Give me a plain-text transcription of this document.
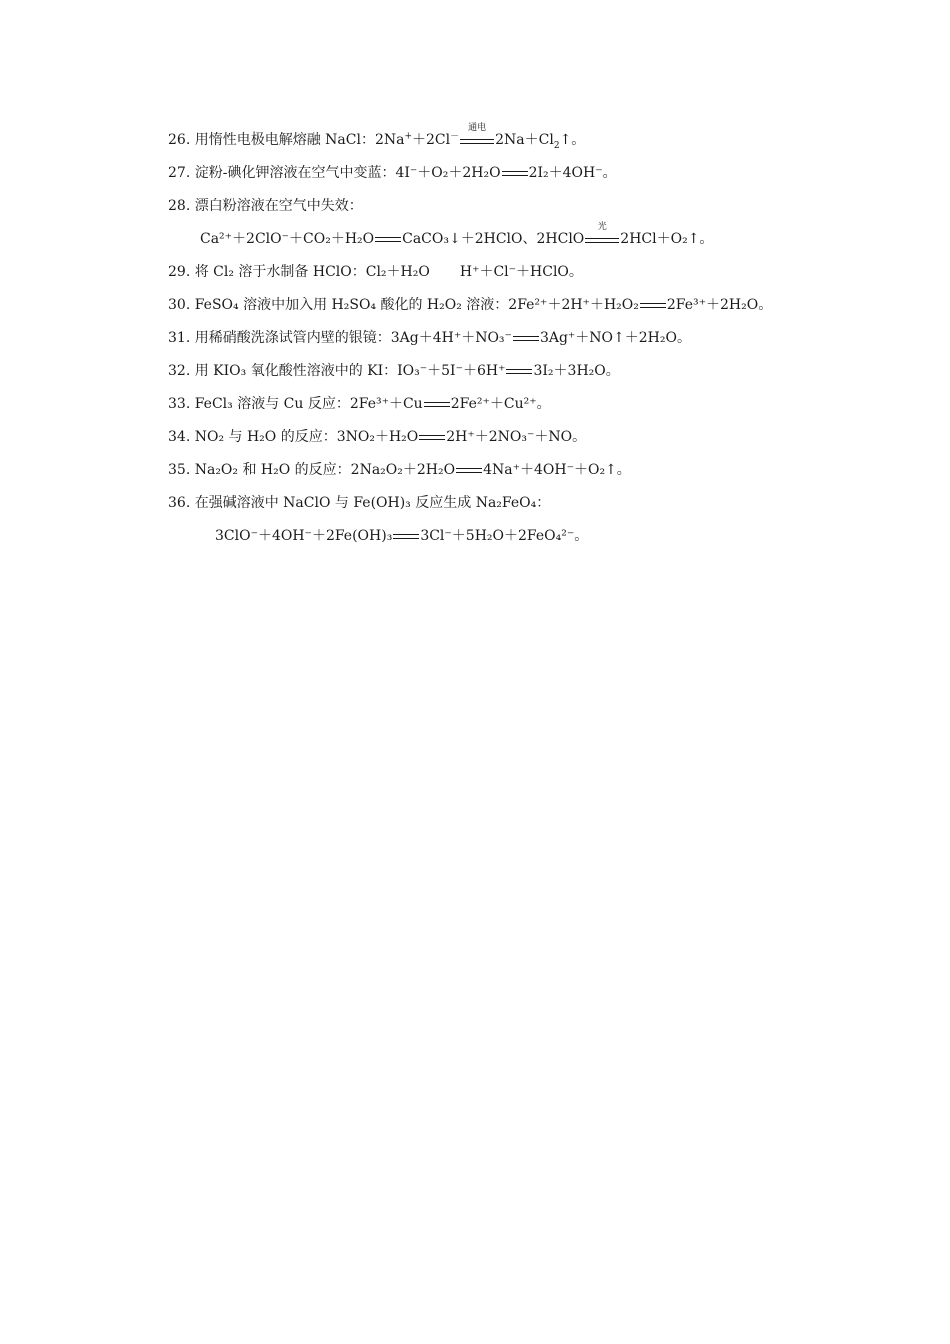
26. 用惰性电极电解熔融 NaCl：2Na+＋2Cl－
通电
$2Na+Cl_2↑$。
27. 淀粉-碘化钾溶液在空气中变蓝：4I⁻＋O₂＋2H₂O 2I₂＋4OH⁻。
28. 漂白粉溶液在空气中失效：
Ca²⁺＋2ClO⁻＋CO₂＋H₂O CaCO₃↓＋2HClO、2HClO
光
2HCl＋O₂↑。
29. 将 Cl₂ 溶于水制备 HClO：Cl₂＋H₂O H⁺＋Cl⁻＋HClO。
30. FeSO₄ 溶液中加入用 H₂SO₄ 酸化的 H₂O₂ 溶液：2Fe²⁺＋2H⁺＋H₂O₂ 2Fe³⁺＋2H₂O。
31. 用稀硝酸洗涤试管内壁的银镜：3Ag＋4H⁺＋NO₃⁻ 3Ag⁺＋NO↑＋2H₂O。
32. 用 KIO₃ 氧化酸性溶液中的 KI：IO₃⁻＋5I⁻＋6H⁺ 3I₂＋3H₂O。
33. FeCl₃ 溶液与 Cu 反应：2Fe³⁺＋Cu 2Fe²⁺＋Cu²⁺。
34. NO₂ 与 H₂O 的反应：3NO₂＋H₂O 2H⁺＋2NO₃⁻＋NO。
35. Na₂O₂ 和 H₂O 的反应：2Na₂O₂＋2H₂O 4Na⁺＋4OH⁻＋O₂↑。
36. 在强碱溶液中 NaClO 与 Fe(OH)₃ 反应生成 Na₂FeO₄：
3ClO⁻＋4OH⁻＋2Fe(OH)₃ 3Cl⁻＋5H₂O＋2FeO₄²⁻。
